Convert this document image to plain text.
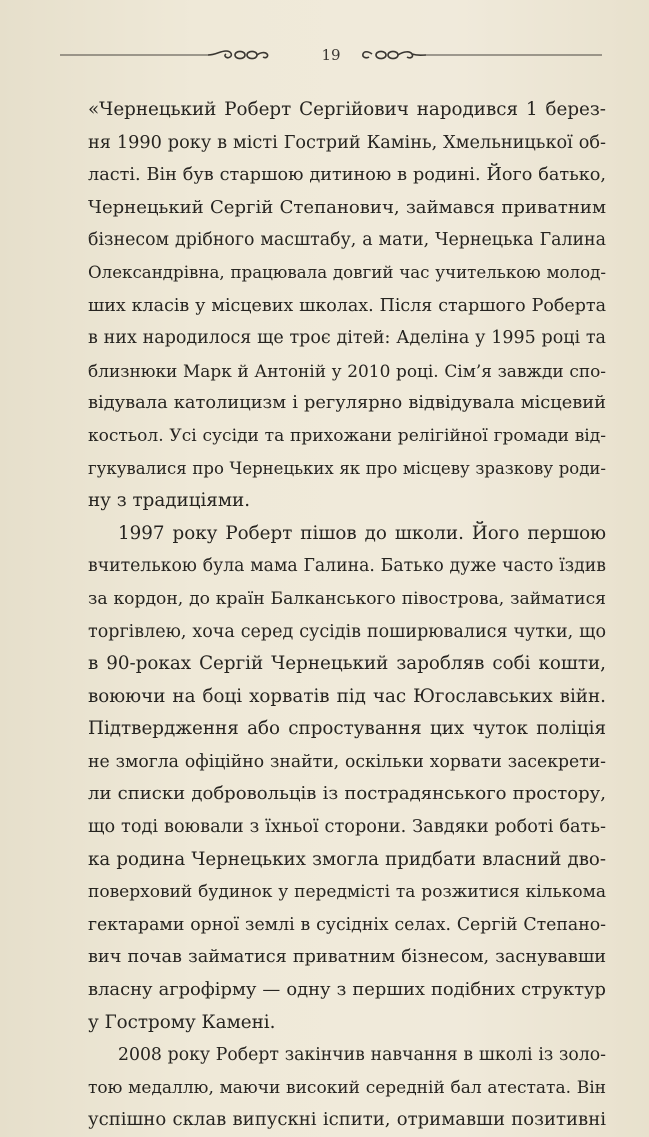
19
«Чернецький Роберт Сергійович народився 1 берез-
ня 1990 року в місті Гострий Камінь, Хмельницької об-
ласті. Він був старшою дитиною в родині. Його батько,
Чернецький Сергій Степанович, займався приватним
бізнесом дрібного масштабу, а мати, Чернецька Галина
Олександрівна, працювала довгий час учителькою молод-
ших класів у місцевих школах. Після старшого Роберта
в них народилося ще троє дітей: Аделіна у 1995 році та
близнюки Марк й Антоній у 2010 році. Сім’я завжди спо-
відувала католицизм і регулярно відвідувала місцевий
костьол. Усі сусіди та прихожани релігійної громади від-
гукувалися про Чернецьких як про місцеву зразкову роди-
ну з традиціями.
1997 року Роберт пішов до школи. Його першою
вчителькою була мама Галина. Батько дуже часто їздив
за кордон, до країн Балканського півострова, займатися
торгівлею, хоча серед сусідів поширювалися чутки, що
в 90-роках Сергій Чернецький заробляв собі кошти,
воюючи на боці хорватів під час Югославських війн.
Підтвердження або спростування цих чуток поліція
не змогла офіційно знайти, оскільки хорвати засекрети-
ли списки добровольців із пострадянського простору,
що тоді воювали з їхньої сторони. Завдяки роботі бать-
ка родина Чернецьких змогла придбати власний дво-
поверховий будинок у передмісті та розжитися кількома
гектарами орної землі в сусідніх селах. Сергій Степано-
вич почав займатися приватним бізнесом, заснувавши
власну агрофірму — одну з перших подібних структур
у Гострому Камені.
2008 року Роберт закінчив навчання в школі із золо-
тою медаллю, маючи високий середній бал атестата. Він
успішно склав випускні іспити, отримавши позитивні
